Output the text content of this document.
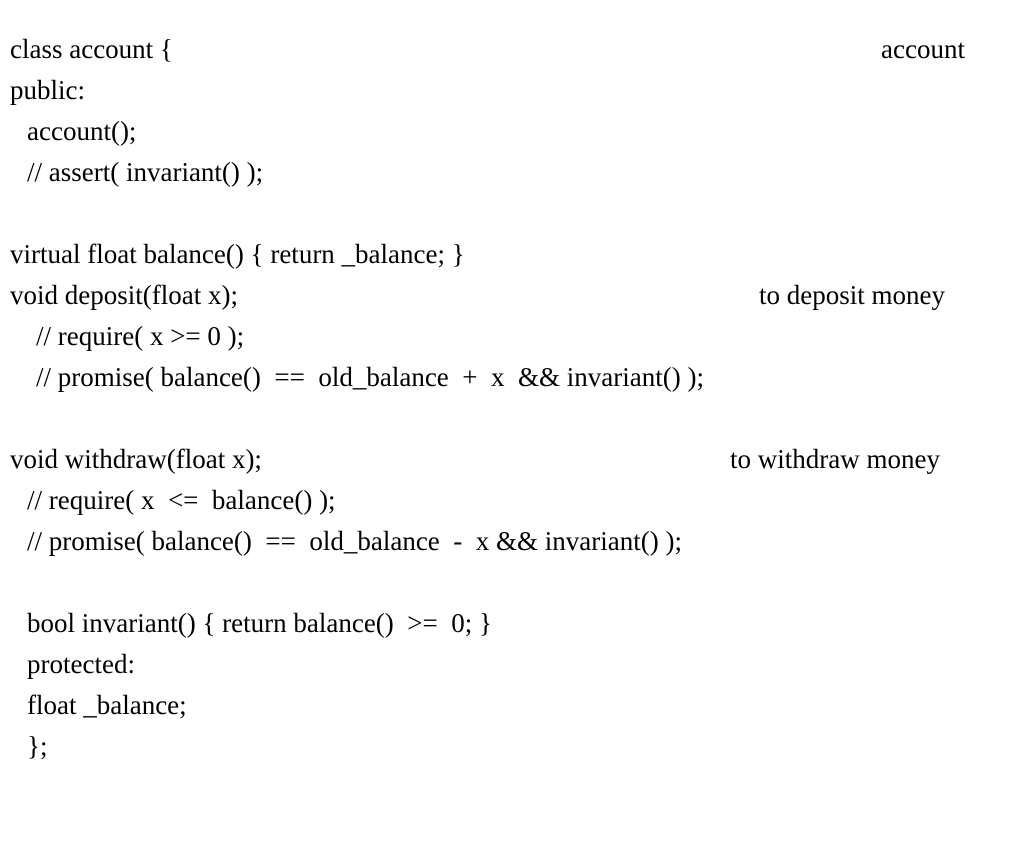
class account {

	account

public:

account();

// assert( invariant() );

virtual float balance() { return _balance; }

void deposit(float x);

	to deposit money

// require( x >= 0 );

// promise( balance()  ==  old_balance  +  x  && invariant() );

void withdraw(float x);

	to withdraw money

// require( x  <=  balance() );

// promise( balance()  ==  old_balance  -  x && invariant() );

bool invariant() { return balance()  >=  0; }

protected:

float _balance;

};
